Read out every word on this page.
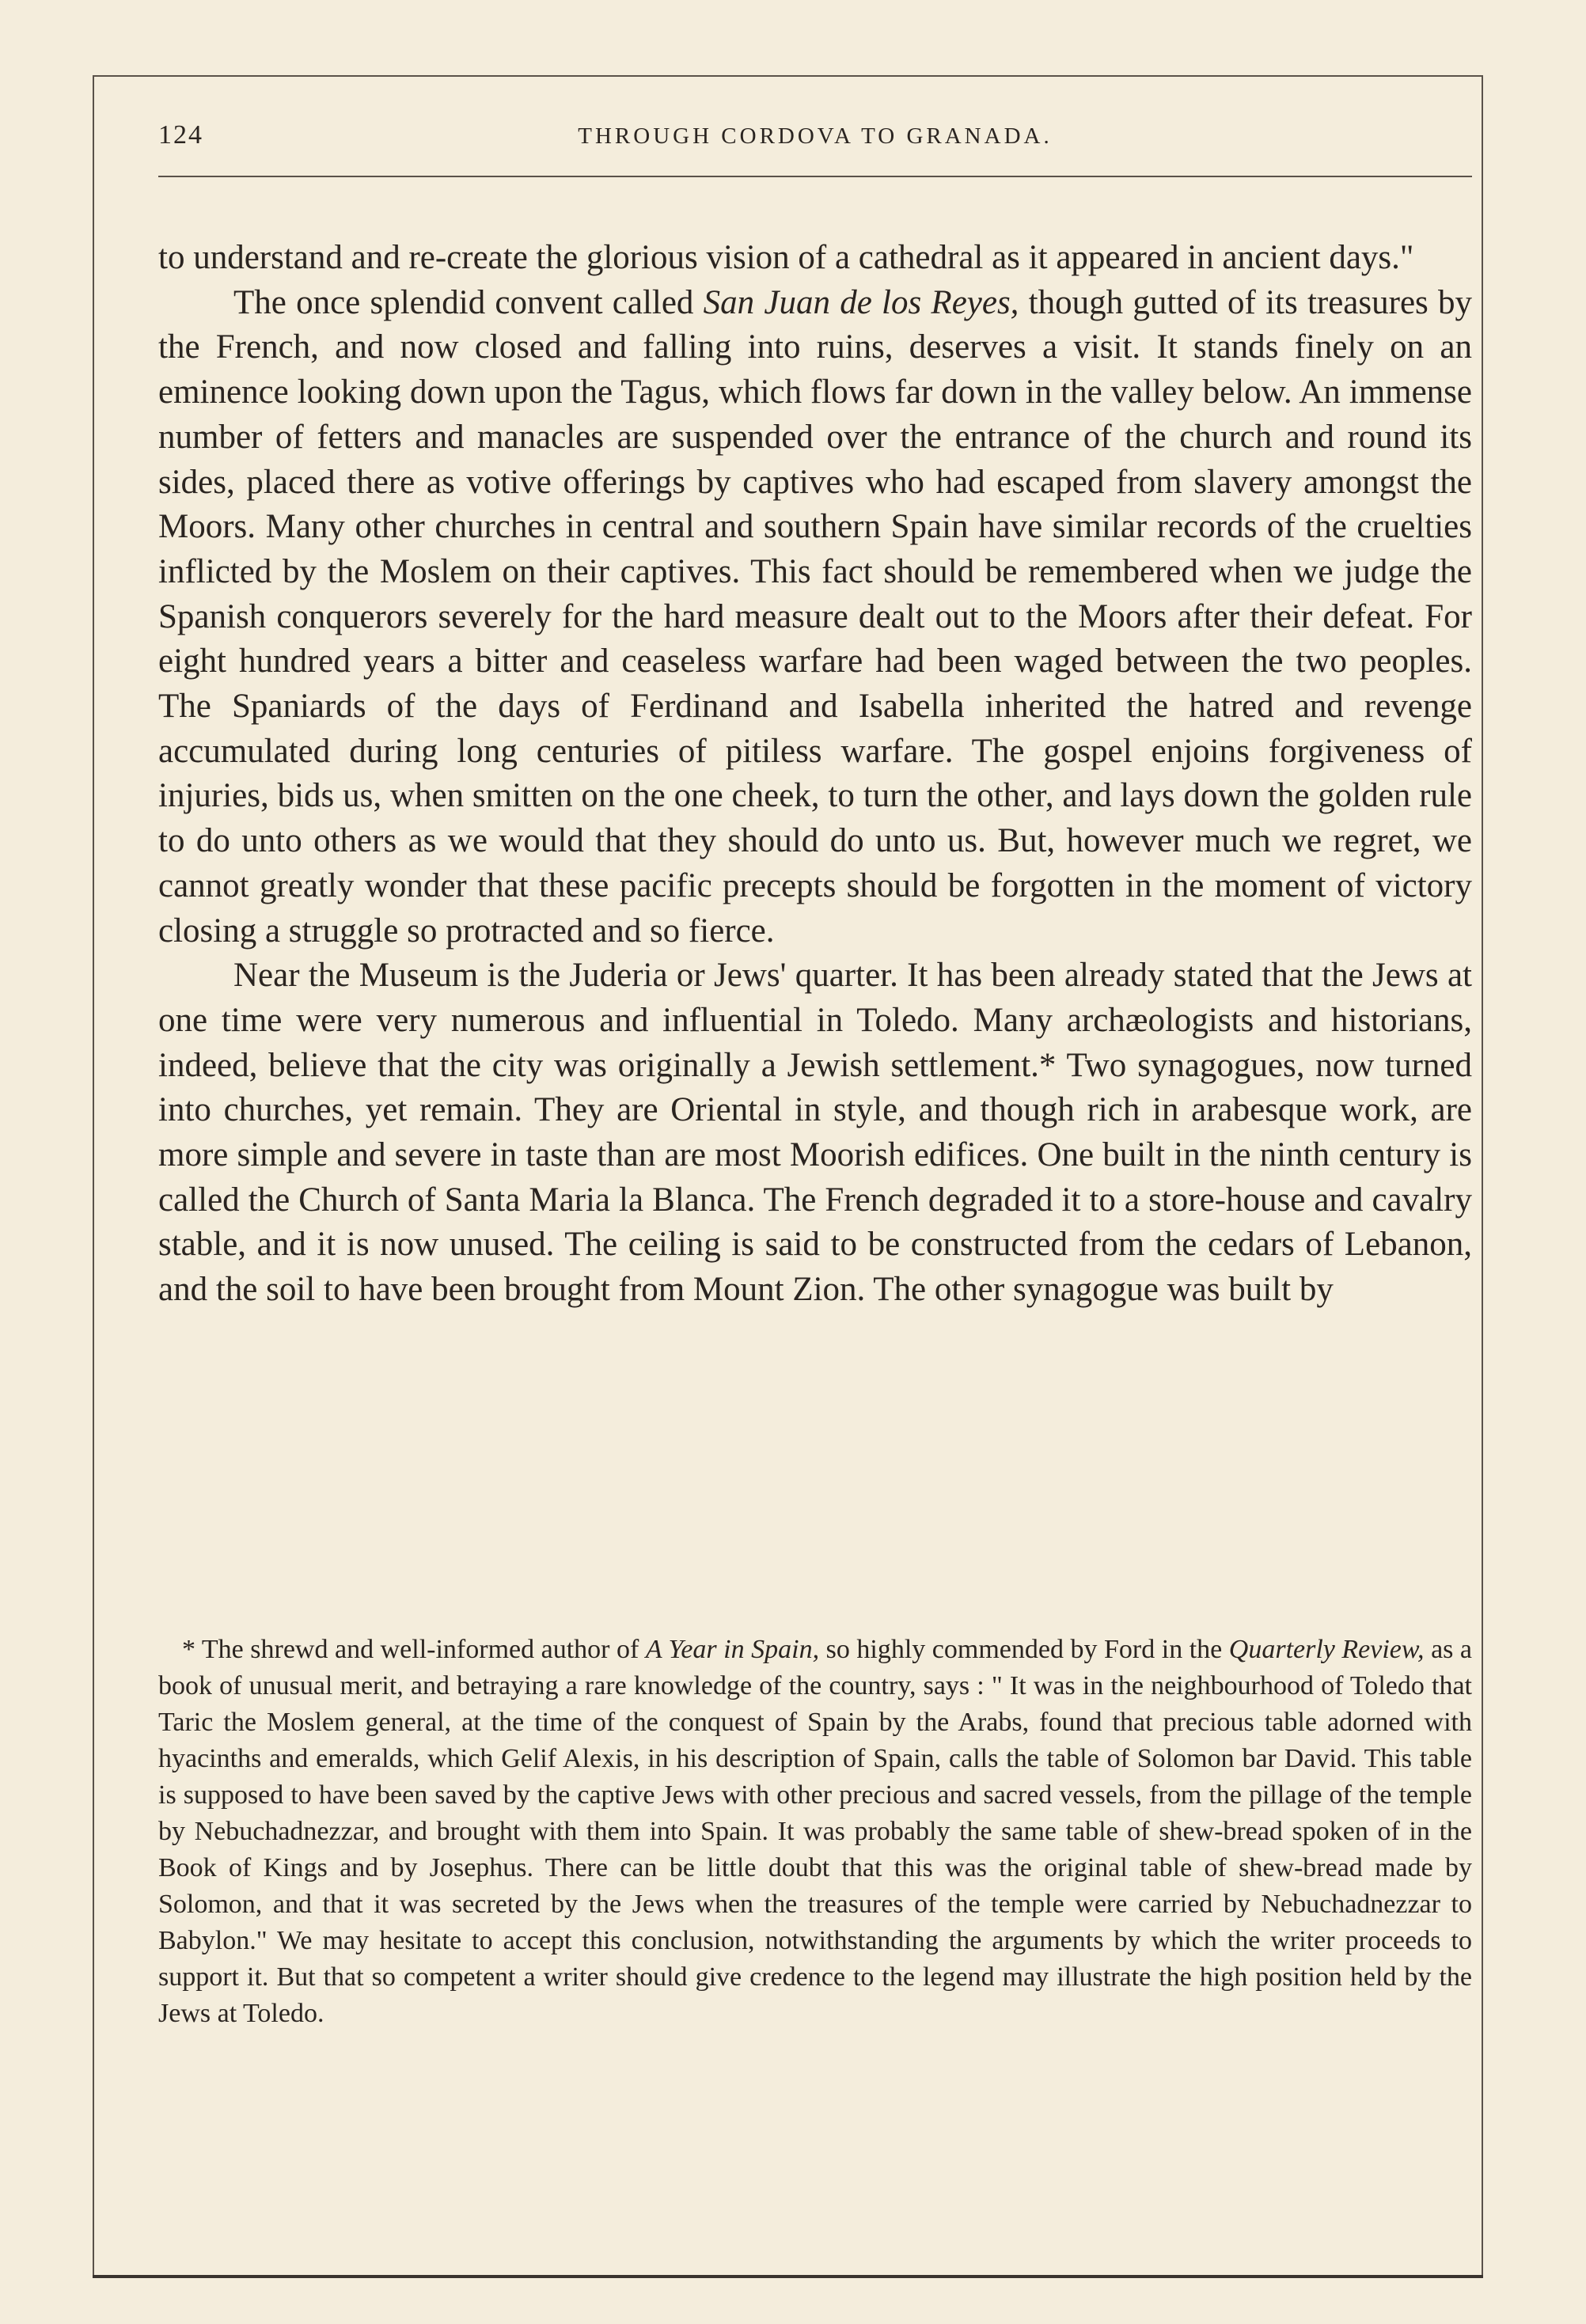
124	THROUGH CORDOVA TO GRANADA.

to understand and re-create the glorious vision of a cathedral as it appeared in ancient days."

The once splendid convent called San Juan de los Reyes, though gutted of its treasures by the French, and now closed and falling into ruins, deserves a visit. It stands finely on an eminence looking down upon the Tagus, which flows far down in the valley below. An immense number of fetters and manacles are suspended over the entrance of the church and round its sides, placed there as votive offerings by captives who had escaped from slavery amongst the Moors. Many other churches in central and southern Spain have similar records of the cruelties inflicted by the Moslem on their captives. This fact should be remembered when we judge the Spanish conquerors severely for the hard measure dealt out to the Moors after their defeat. For eight hundred years a bitter and ceaseless warfare had been waged between the two peoples. The Spaniards of the days of Ferdinand and Isabella inherited the hatred and revenge accumulated during long centuries of pitiless warfare. The gospel enjoins forgiveness of injuries, bids us, when smitten on the one cheek, to turn the other, and lays down the golden rule to do unto others as we would that they should do unto us. But, however much we regret, we cannot greatly wonder that these pacific precepts should be forgotten in the moment of victory closing a struggle so protracted and so fierce.

Near the Museum is the Juderia or Jews' quarter. It has been already stated that the Jews at one time were very numerous and influential in Toledo. Many archæologists and historians, indeed, believe that the city was originally a Jewish settlement.* Two synagogues, now turned into churches, yet remain. They are Oriental in style, and though rich in arabesque work, are more simple and severe in taste than are most Moorish edifices. One built in the ninth century is called the Church of Santa Maria la Blanca. The French degraded it to a store-house and cavalry stable, and it is now unused. The ceiling is said to be constructed from the cedars of Lebanon, and the soil to have been brought from Mount Zion. The other synagogue was built by

* The shrewd and well-informed author of A Year in Spain, so highly commended by Ford in the Quarterly Review, as a book of unusual merit, and betraying a rare knowledge of the country, says : " It was in the neighbourhood of Toledo that Taric the Moslem general, at the time of the conquest of Spain by the Arabs, found that precious table adorned with hyacinths and emeralds, which Gelif Alexis, in his description of Spain, calls the table of Solomon bar David. This table is supposed to have been saved by the captive Jews with other precious and sacred vessels, from the pillage of the temple by Nebuchadnezzar, and brought with them into Spain. It was probably the same table of shew-bread spoken of in the Book of Kings and by Josephus. There can be little doubt that this was the original table of shew-bread made by Solomon, and that it was secreted by the Jews when the treasures of the temple were carried by Nebuchadnezzar to Babylon." We may hesitate to accept this conclusion, notwithstanding the arguments by which the writer proceeds to support it. But that so competent a writer should give credence to the legend may illustrate the high position held by the Jews at Toledo.
